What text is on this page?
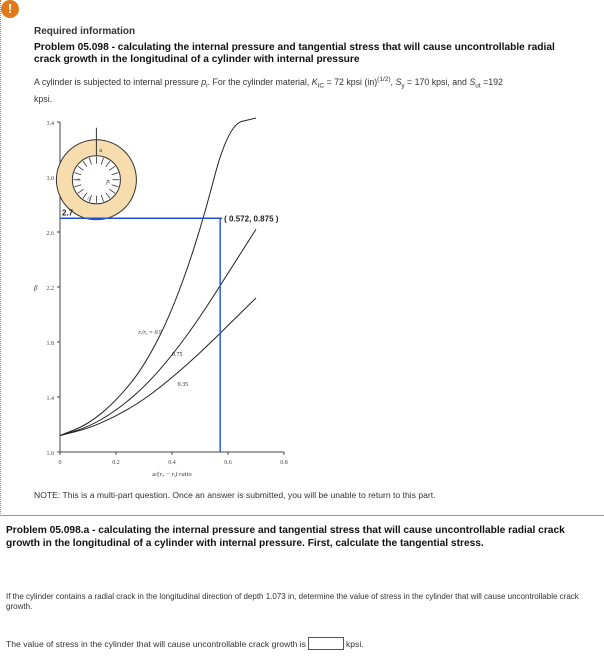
!
Required information
Problem 05.098 - calculating the internal pressure and tangential stress that will cause uncontrollable radial crack growth in the longitudinal of a cylinder with internal pressure
A cylinder is subjected to internal pressure $p_i$. For the cylinder material, $K_{IC} = 72$ kpsi (in)$^{(1/2)}$, $S_y = 170$ kpsi, and $S_{ut} =192$
kpsi.
1.0
1.4
1.8
2.2
2.6
3.0
3.4
0	0.2	0.4	0.6	0.8
a
pᵢ
rᵢ
rₒ
2.7
( 0.572, 0.875 )
rᵢ/rₒ = 0.9
0.75
0.35
a/(rₒ − rᵢ) ratio
β
NOTE: This is a multi-part question. Once an answer is submitted, you will be unable to return to this part.
Problem 05.098.a - calculating the internal pressure and tangential stress that will cause uncontrollable radial crack growth in the longitudinal of a cylinder with internal pressure. First, calculate the tangential stress.
If the cylinder contains a radial crack in the longitudinal direction of depth 1.073 in, determine the value of stress in the cylinder that will cause uncontrollable crack growth.
The value of stress in the cylinder that will cause uncontrollable crack growth is	kpsi.
